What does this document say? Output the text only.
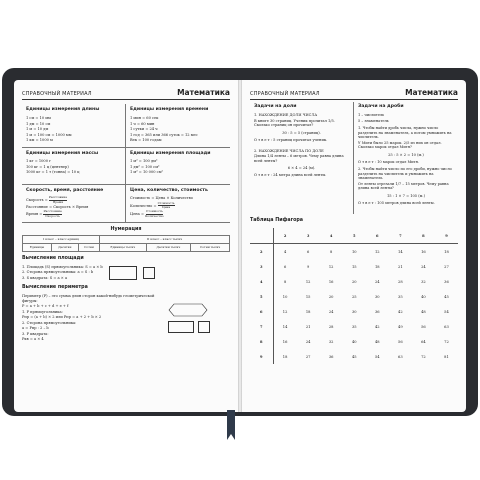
СПРАВОЧНЫЙ МАТЕРИАЛ	Математика
Единицы измерения длины
1 см = 10 мм
1 дм = 10 см
1 м = 10 дм
1 м = 100 см = 1000 мм
1 км = 1000 м
Единицы измерения времени
1 мин = 60 сек
1 ч = 60 мин
1 сутки = 24 ч
1 год = 365 или 366 суток = 12 мес
Век = 100 годам
Единицы измерения массы
1 кг = 1000 г
100 кг = 1 ц (центнер)
1000 кг = 1 т (тонна) = 10 ц
Единицы измерения площади
1 м² = 100 дм²
1 дм² = 100 см²
1 м² = 10 000 см²
Скорость, время, расстояние
Скорость = $\frac{\text{Расстояние}}{\text{Время}}$
Расстояние = Скорость × Время
Время = $\frac{\text{Расстояние}}{\text{Скорость}}$
Цена, количество, стоимость
Стоимость = Цена × Количество
Количество = $\frac{\text{Стоимость}}{\text{Цена}}$
Цена = $\frac{\text{Стоимость}}{\text{Количество}}$
Нумерация
I класс – класс единиц			II класс – класс тысяч		
Единицы	Десятки	Сотни	Единицы тысяч	Десятки тысяч	Сотни тысяч
Вычисление площади
1. Площадь (S) прямоугольника: S = a × b
2. Сторона прямоугольника: a = S : b
3. S квадрата: S = a × a
Вычисление периметра
Периметр (Р) – это сумма длин сторон какой-нибудь геометрической фигуры:
P = a + b + c + d + e + f
1. P прямоугольника:
Pпр = (a + b) × 2 или Pпр = a + 2 + b × 2
2. Сторона прямоугольника:
a = Pпр : 2 – b
3. P квадрата:
Pкв = a × 4
СПРАВОЧНЫЙ МАТЕРИАЛ	Математика
Задачи на доли
1. НАХОЖДЕНИЕ ДОЛИ ЧИСЛА
В книге 30 страниц. Ученик прочитал 1/5. Сколько страниц он прочитал?
30 : 5 = 5 (страниц).
О т в е т : 5 страниц прочитал ученик.
2. НАХОЖДЕНИЕ ЧИСЛА ПО ДОЛЕ
Длина 1/4 ленты – 6 метров. Чему равна длина всей ленты?
6 × 4 = 24 (м).
О т в е т : 24 метра длина всей ленты.
Задачи на дроби
1 – числитель
5 – знаменатель
1. Чтобы найти дробь числа, нужно число разделить на знаменатель, а потом умножить на числитель.
У Мити было 25 марок. 2/5 из них он отдал. Сколько марок отдал Митя?
25 : 5 × 2 = 10 (м.)
О т в е т : 10 марок отдал Митя.
2. Чтобы найти число по его дроби, нужно число разделить на числитель и умножить на знаменатель.
От ленты отрезали 1/7 – 15 метров. Чему равна длина всей ленты?
15 : 1 × 7 = 105 (м.)
О т в е т : 105 метров длина всей ленты.
Таблица Пифагора
	2	3	4	5	6	7	8	9
2	4	6	8	10	12	14	16	18
3	6	9	12	15	18	21	24	27
4	8	12	16	20	24	28	32	36
5	10	15	20	25	30	35	40	45
6	12	18	24	30	36	42	48	54
7	14	21	28	35	42	49	56	63
8	16	24	32	40	48	56	64	72
9	18	27	36	45	54	63	72	81
